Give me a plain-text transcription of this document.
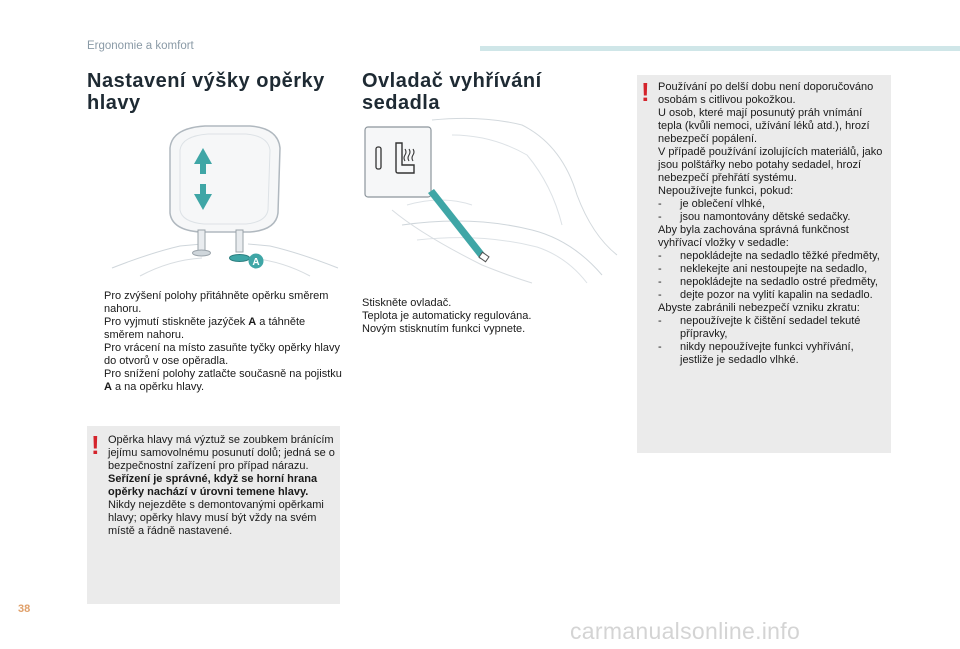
Ergonomie a komfort
Nastavení výšky opěrky
hlavy
A
Pro zvýšení polohy přitáhněte opěrku směrem nahoru.
Pro vyjmutí stiskněte jazýček A a táhněte směrem nahoru.
Pro vrácení na místo zasuňte tyčky opěrky hlavy do otvorů v ose opěradla.
Pro snížení polohy zatlačte současně na pojistku A a na opěrku hlavy.
! Opěrka hlavy má výztuž se zoubkem bránícím jejímu samovolnému posunutí dolů; jedná se o bezpečnostní zařízení pro případ nárazu.

Seřízení je správné, když se horní hrana opěrky nachází v úrovni temene hlavy.

Nikdy nejezděte s demontovanými opěrkami hlavy; opěrky hlavy musí být vždy na svém místě a řádně nastavené.

Ovladač vyhřívání sedadla

Stiskněte ovladač.

Teplota je automaticky regulována.

Novým stisknutím funkci vypnete.

! Používání po delší dobu není doporučováno osobám s citlivou pokožkou.

U osob, které mají posunutý práh vnímání tepla (kvůli nemoci, užívání léků atd.), hrozí nebezpečí popálení.

V případě používání izolujících materiálů, jako jsou polštářky nebo potahy sedadel, hrozí nebezpečí přehřátí systému.

Nepoužívejte funkci, pokud:

- je oblečení vlhké,
- jsou namontovány dětské sedačky.

Aby byla zachována správná funkčnost vyhřívací vložky v sedadle:

- nepokládejte na sedadlo těžké předměty,
- neklekejte ani nestoupejte na sedadlo,
- nepokládejte na sedadlo ostré předměty,
- dejte pozor na vylití kapalin na sedadlo.

Abyste zabránili nebezpečí vzniku zkratu:

- nepoužívejte k čištění sedadel tekuté přípravky,
- nikdy nepoužívejte funkci vyhřívání, jestliže je sedadlo vlhké.
38
carmanualsonline.info
